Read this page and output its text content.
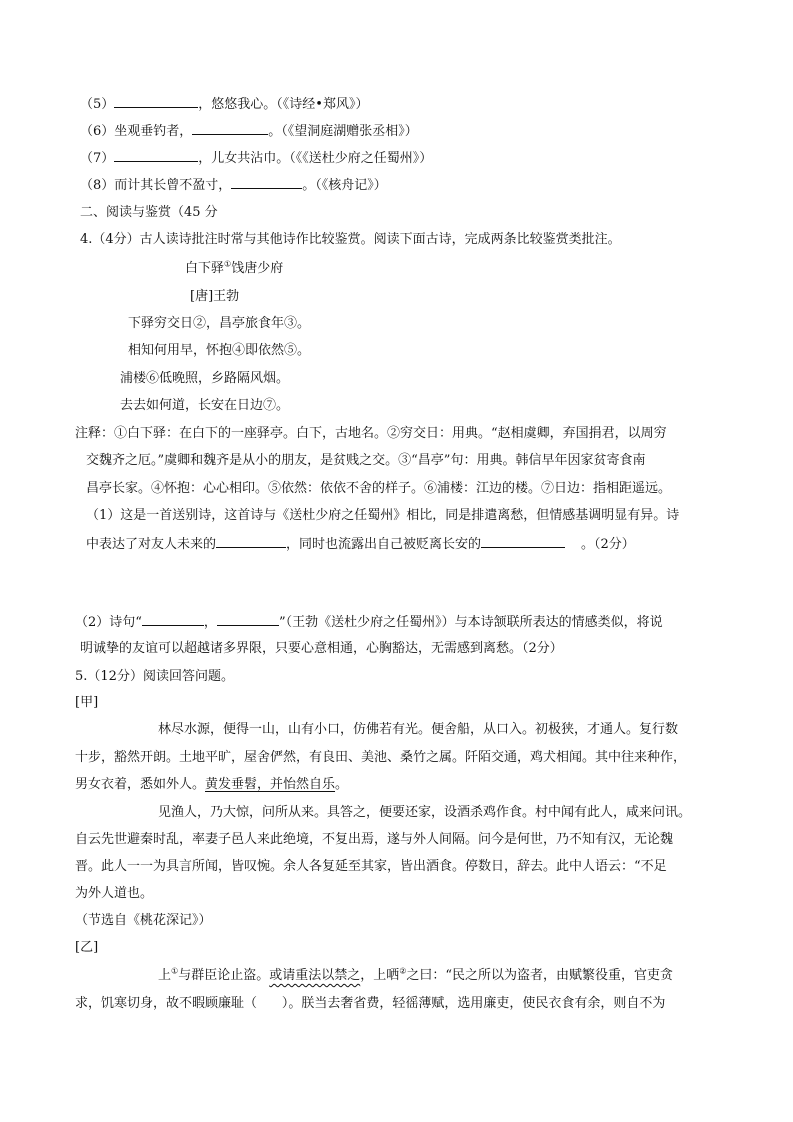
（5）	，悠悠我心。（《诗经•郑风》）
（6）坐观垂钓者，	。（《望洞庭湖赠张丞相》）
（7）	，儿女共沾巾。（《《送杜少府之任蜀州》）
（8）而计其长曾不盈寸，	。（《核舟记》）
二、阅读与鉴赏（45 分
4.（4分）古人读诗批注时常与其他诗作比较鉴赏。阅读下面古诗，完成两条比较鉴赏类批注。
白下驿①饯唐少府
[唐]王勃
下驿穷交日②，昌亭旅食年③。
相知何用早，怀抱④即依然⑤。
浦楼⑥低晚照，乡路隔风烟。
去去如何道，长安在日边⑦。
注释：①白下驿：在白下的一座驿亭。白下，古地名。②穷交日：用典。“赵相虞卿，弃国捐君，以周穷
交魏齐之厄。”虞卿和魏齐是从小的朋友，是贫贱之交。③“昌亭”句：用典。韩信早年因家贫寄食南
昌亭长家。④怀抱：心心相印。⑤依然：依依不舍的样子。⑥浦楼：江边的楼。⑦日边：指相距遥远。
（1）这是一首送别诗，这首诗与《送杜少府之任蜀州》相比，同是排遣离愁，但情感基调明显有异。诗
中表达了对友人未来的	，同时也流露出自己被贬离长安的	。（2分）
（2）诗句“	，	”（王勃《送杜少府之任蜀州》）与本诗颔联所表达的情感类似，将说
明诚挚的友谊可以超越诸多界限，只要心意相通，心胸豁达，无需感到离愁。（2分）
5.（12分）阅读回答问题。
[甲]
林尽水源，便得一山，山有小口，仿佛若有光。便舍船，从口入。初极狭，才通人。复行数
十步，豁然开朗。土地平旷，屋舍俨然，有良田、美池、桑竹之属。阡陌交通，鸡犬相闻。其中往来种作，
男女衣着，悉如外人。黄发垂髫，并怡然自乐。
见渔人，乃大惊，问所从来。具答之，便要还家，设酒杀鸡作食。村中闻有此人，咸来问讯。
自云先世避秦时乱，率妻子邑人来此绝境，不复出焉，遂与外人间隔。问今是何世，乃不知有汉，无论魏
晋。此人一一为具言所闻，皆叹惋。余人各复延至其家，皆出酒食。停数日，辞去。此中人语云：“不足
为外人道也。
（节选自《桃花深记》）
[乙]
上①与群臣论止盗。或请重法以禁之，上哂②之曰：“民之所以为盗者，由赋繁役重，官吏贪
求，饥寒切身，故不暇顾廉耻（ ）。朕当去奢省费，轻徭薄赋，选用廉吏，使民衣食有余，则自不为
